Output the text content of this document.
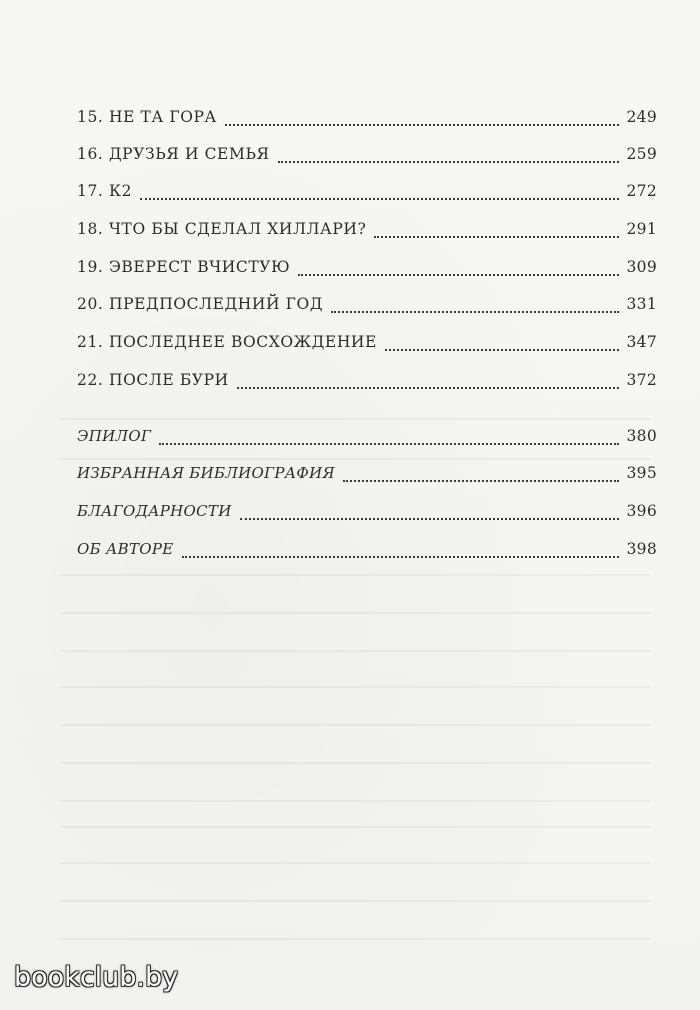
15. НЕ ТА ГОРА	249
16. ДРУЗЬЯ И СЕМЬЯ	259
17. К2	272
18. ЧТО БЫ СДЕЛАЛ ХИЛЛАРИ?	291
19. ЭВЕРЕСТ ВЧИСТУЮ	309
20. ПРЕДПОСЛЕДНИЙ ГОД	331
21. ПОСЛЕДНЕЕ ВОСХОЖДЕНИЕ	347
22. ПОСЛЕ БУРИ	372
ЭПИЛОГ	380
ИЗБРАННАЯ БИБЛИОГРАФИЯ	395
БЛАГОДАРНОСТИ	396
ОБ АВТОРЕ	398
bookclub.by
